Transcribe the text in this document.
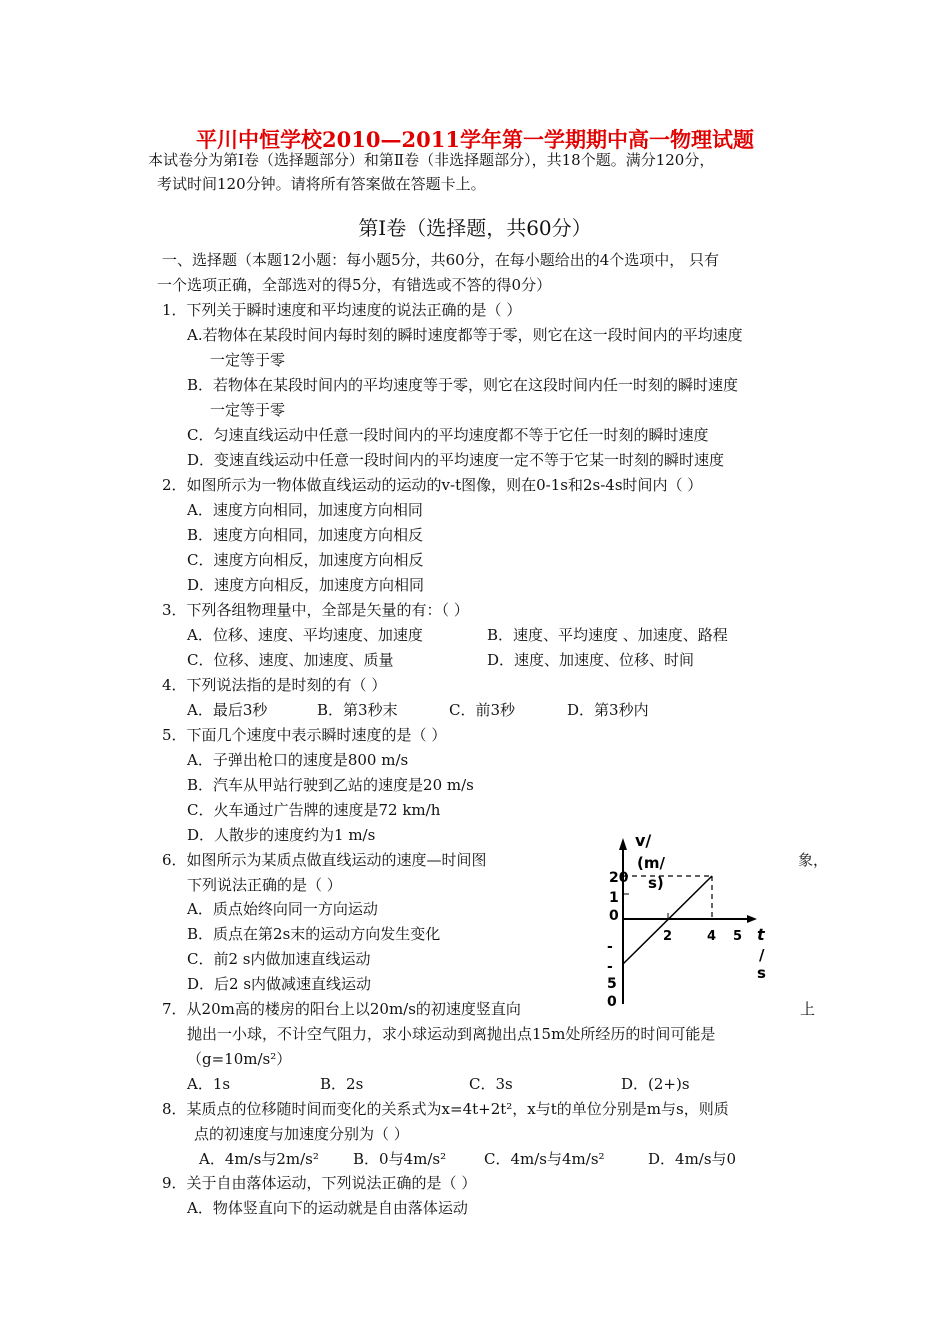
平川中恒学校2010—2011学年第一学期期中高一物理试题
本试卷分为第Ⅰ卷（选择题部分）和第Ⅱ卷（非选择题部分），共18个题。满分120分，
考试时间120分钟。请将所有答案做在答题卡上。
第Ⅰ卷（选择题，共60分）
一、选择题（本题12小题：每小题5分，共60分，在每小题给出的4个选项中， 只有
一个选项正确，全部选对的得5分，有错选或不答的得0分）
1．下列关于瞬时速度和平均速度的说法正确的是（ ）
A.若物体在某段时间内每时刻的瞬时速度都等于零，则它在这一段时间内的平均速度
一定等于零
B．若物体在某段时间内的平均速度等于零，则它在这段时间内任一时刻的瞬时速度
一定等于零
C．匀速直线运动中任意一段时间内的平均速度都不等于它任一时刻的瞬时速度
D．变速直线运动中任意一段时间内的平均速度一定不等于它某一时刻的瞬时速度
2．如图所示为一物体做直线运动的运动的v-t图像，则在0-1s和2s-4s时间内（ ）
A．速度方向相同，加速度方向相同
B．速度方向相同，加速度方向相反
C．速度方向相反，加速度方向相反
D．速度方向相反，加速度方向相同
3．下列各组物理量中，全部是矢量的有：（ ）
A．位移、速度、平均速度、加速度	B．速度、平均速度 、加速度、路程
C．位移、速度、加速度、质量	D．速度、加速度、位移、时间
4．下列说法指的是时刻的有（ ）
A．最后3秒	B．第3秒末	C．前3秒	D．第3秒内
5．下面几个速度中表示瞬时速度的是（ ）
A．子弹出枪口的速度是800 m/s
B．汽车从甲站行驶到乙站的速度是20 m/s
C．火车通过广告牌的速度是72 km/h
D．人散步的速度约为1 m/s
6．如图所示为某质点做直线运动的速度—时间图	象，
下列说法正确的是（ ）
A．质点始终向同一方向运动
B．质点在第2s末的运动方向发生变化
C．前2 s内做加速直线运动
D．后2 s内做减速直线运动
v/
(m/
s)
20
1
0
2	4 5 t
/
s
-
-
5
0
7．从20m高的楼房的阳台上以20m/s的初速度竖直向	上
抛出一小球，不计空气阻力，求小球运动到离抛出点15m处所经历的时间可能是
（g=10m/s²）
A．1s	B．2s	C．3s	D．(2+)s
8．某质点的位移随时间而变化的关系式为x=4t+2t²，x与t的单位分别是m与s，则质
点的初速度与加速度分别为（ ）
A．4m/s与2m/s² B．0与4m/s²	C．4m/s与4m/s²	D．4m/s与0
9．关于自由落体运动，下列说法正确的是（ ）
A．物体竖直向下的运动就是自由落体运动
